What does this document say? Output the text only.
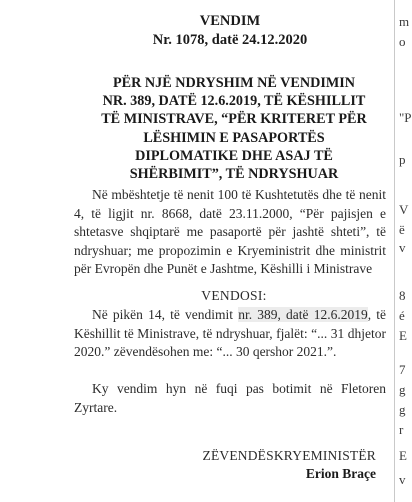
VENDIM

Nr. 1078, datë 24.12.2020

PËR NJË NDRYSHIM NË VENDIMIN
NR. 389, DATË 12.6.2019, TË KËSHILLIT
TË MINISTRAVE, “PËR KRITERET PËR
LËSHIMIN E PASAPORTËS
DIPLOMATIKE DHE ASAJ TË
SHËRBIMIT”, TË NDRYSHUAR

Në mbështetje të nenit 100 të Kushtetutës dhe të nenit 4, të ligjit nr. 8668, datë 23.11.2000, “Për pajisjen e shtetasve shqiptarë me pasaportë për jashtë shteti”, të ndryshuar; me propozimin e Kryeministrit dhe ministrit për Evropën dhe Punët e Jashtme, Këshilli i Ministrave

VENDOSI:

Në pikën 14, të vendimit nr. 389, datë 12.6.2019, të Këshillit të Ministrave, të ndryshuar, fjalët: “... 31 dhjetor 2020.” zëvendësohen me: “... 30 qershor 2021.”.

Ky vendim hyn në fuqi pas botimit në Fletoren Zyrtare.

ZËVENDËSKRYEMINISTËR

Erion Braçe

m

o

"P

p

V

ë

v

8

é

E

7

g

g

r

E

v
